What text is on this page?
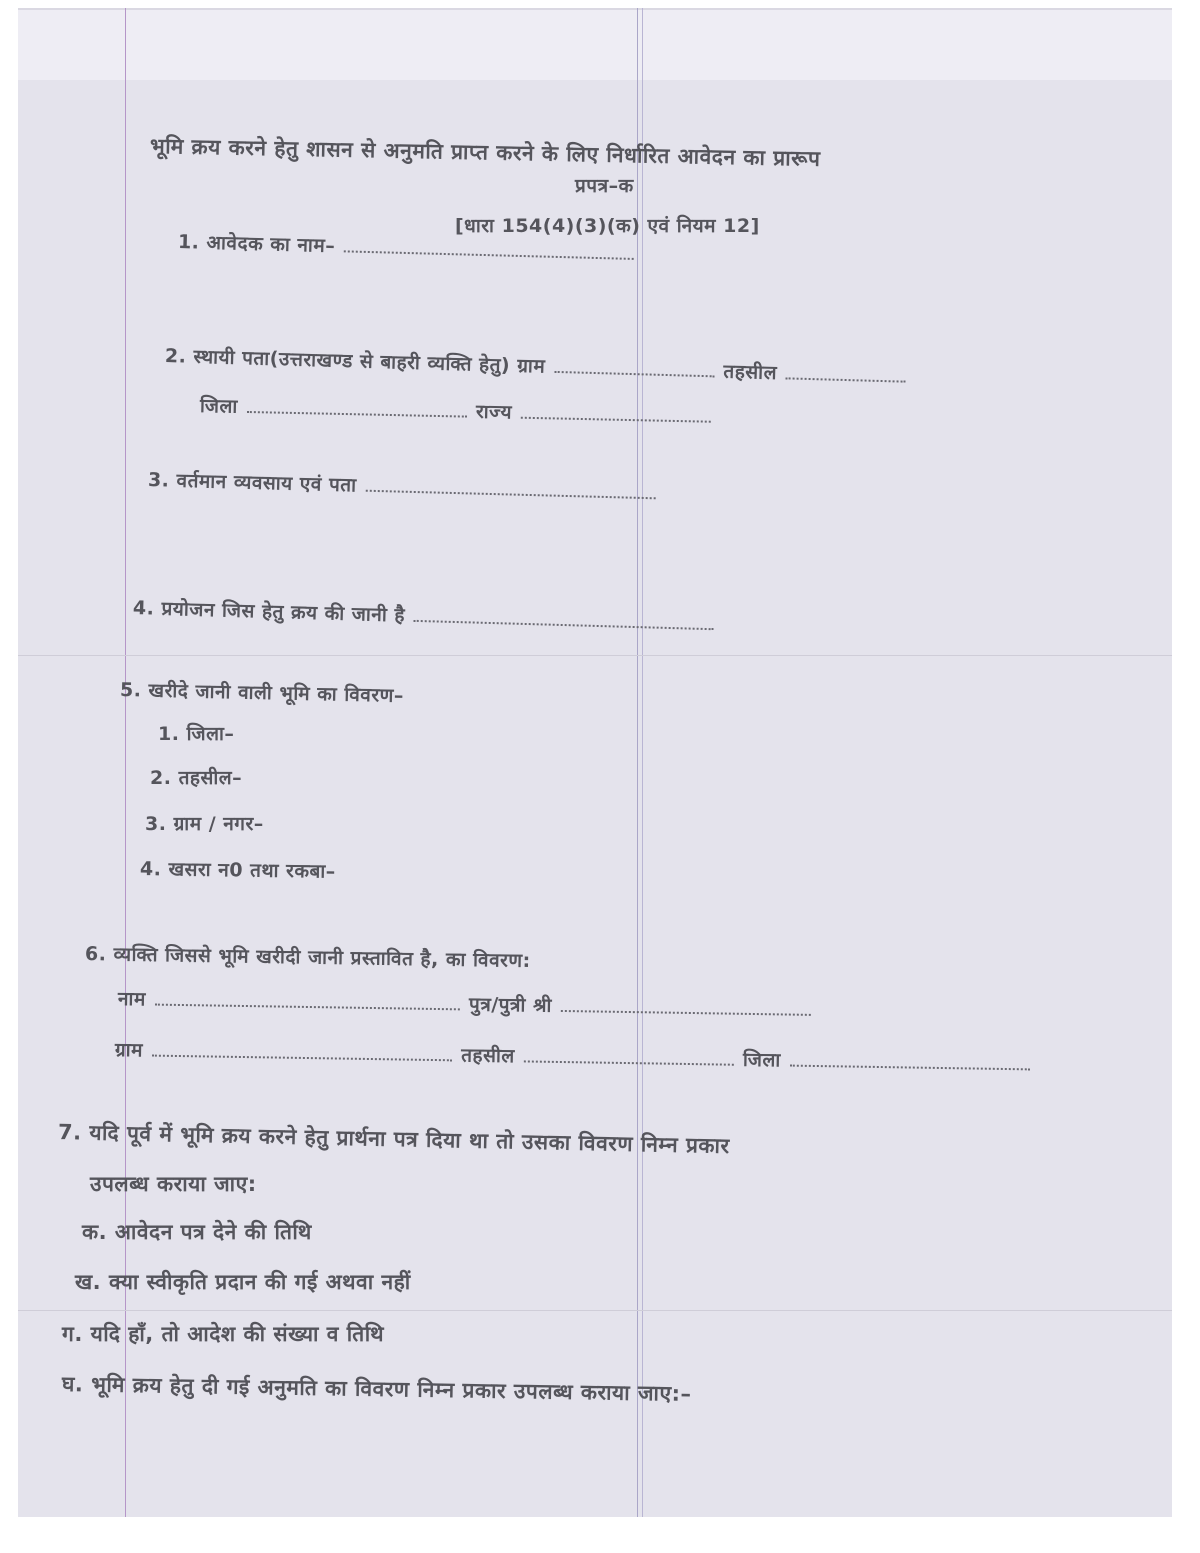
भूमि क्रय करने हेतु शासन से अनुमति प्राप्त करने के लिए निर्धारित आवेदन का प्रारूप
प्रपत्र–क
[धारा 154(4)(3)(क) एवं नियम 12]
1. आवेदक का नाम–
2. स्थायी पता(उत्तराखण्ड से बाहरी व्यक्ति हेतु) ग्राम	तहसील
जिला	राज्य
3. वर्तमान व्यवसाय एवं पता
4. प्रयोजन जिस हेतु क्रय की जानी है
5. खरीदे जानी वाली भूमि का विवरण–
1. जिला–
2. तहसील–
3. ग्राम / नगर–
4. खसरा न0 तथा रकबा–
6. व्यक्ति जिससे भूमि खरीदी जानी प्रस्तावित है, का विवरण:
नाम	पुत्र/पुत्री श्री
ग्राम	तहसील	जिला
7. यदि पूर्व में भूमि क्रय करने हेतु प्रार्थना पत्र दिया था तो उसका विवरण निम्न प्रकार
उपलब्ध कराया जाए:
क. आवेदन पत्र देने की तिथि
ख. क्या स्वीकृति प्रदान की गई अथवा नहीं
ग. यदि हाँ, तो आदेश की संख्या व तिथि
घ. भूमि क्रय हेतु दी गई अनुमति का विवरण निम्न प्रकार उपलब्ध कराया जाए:–
